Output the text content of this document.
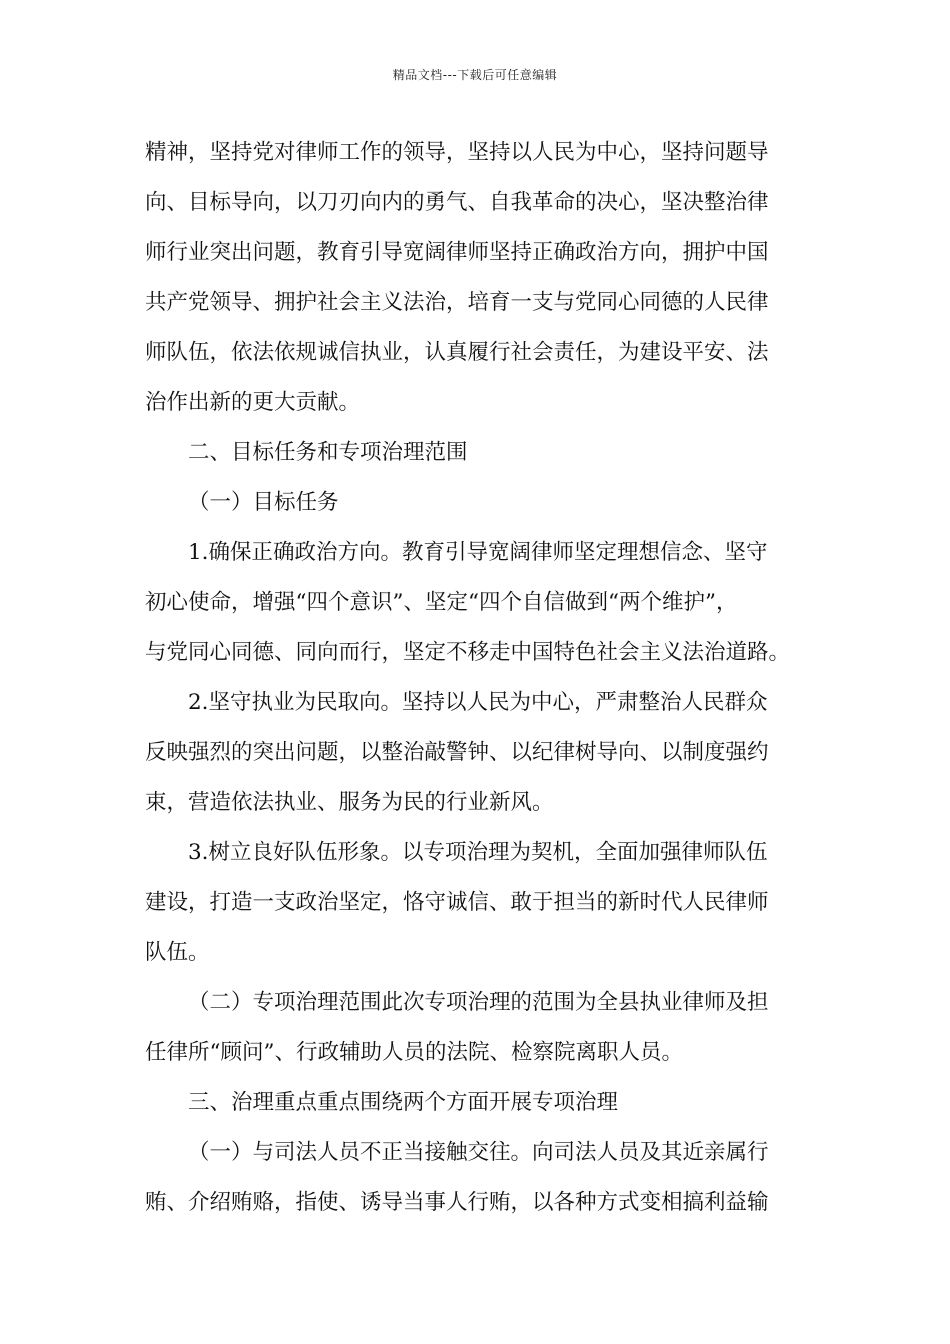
精品文档---下载后可任意编辑
精神，坚持党对律师工作的领导，坚持以人民为中心，坚持问题导
向、目标导向，以刀刃向内的勇气、自我革命的决心，坚决整治律
师行业突出问题，教育引导宽阔律师坚持正确政治方向，拥护中国
共产党领导、拥护社会主义法治，培育一支与党同心同德的人民律
师队伍，依法依规诚信执业，认真履行社会责任，为建设平安、法
治作出新的更大贡献。
二、目标任务和专项治理范围
（一）目标任务
1.确保正确政治方向。教育引导宽阔律师坚定理想信念、坚守
初心使命，增强“四个意识”、坚定“四个自信做到“两个维护”，
与党同心同德、同向而行，坚定不移走中国特色社会主义法治道路。
2.坚守执业为民取向。坚持以人民为中心，严肃整治人民群众
反映强烈的突出问题，以整治敲警钟、以纪律树导向、以制度强约
束，营造依法执业、服务为民的行业新风。
3.树立良好队伍形象。以专项治理为契机，全面加强律师队伍
建设，打造一支政治坚定，恪守诚信、敢于担当的新时代人民律师
队伍。
（二）专项治理范围此次专项治理的范围为全县执业律师及担
任律所“顾问”、行政辅助人员的法院、检察院离职人员。
三、治理重点重点围绕两个方面开展专项治理
（一）与司法人员不正当接触交往。向司法人员及其近亲属行
贿、介绍贿赂，指使、诱导当事人行贿，以各种方式变相搞利益输
